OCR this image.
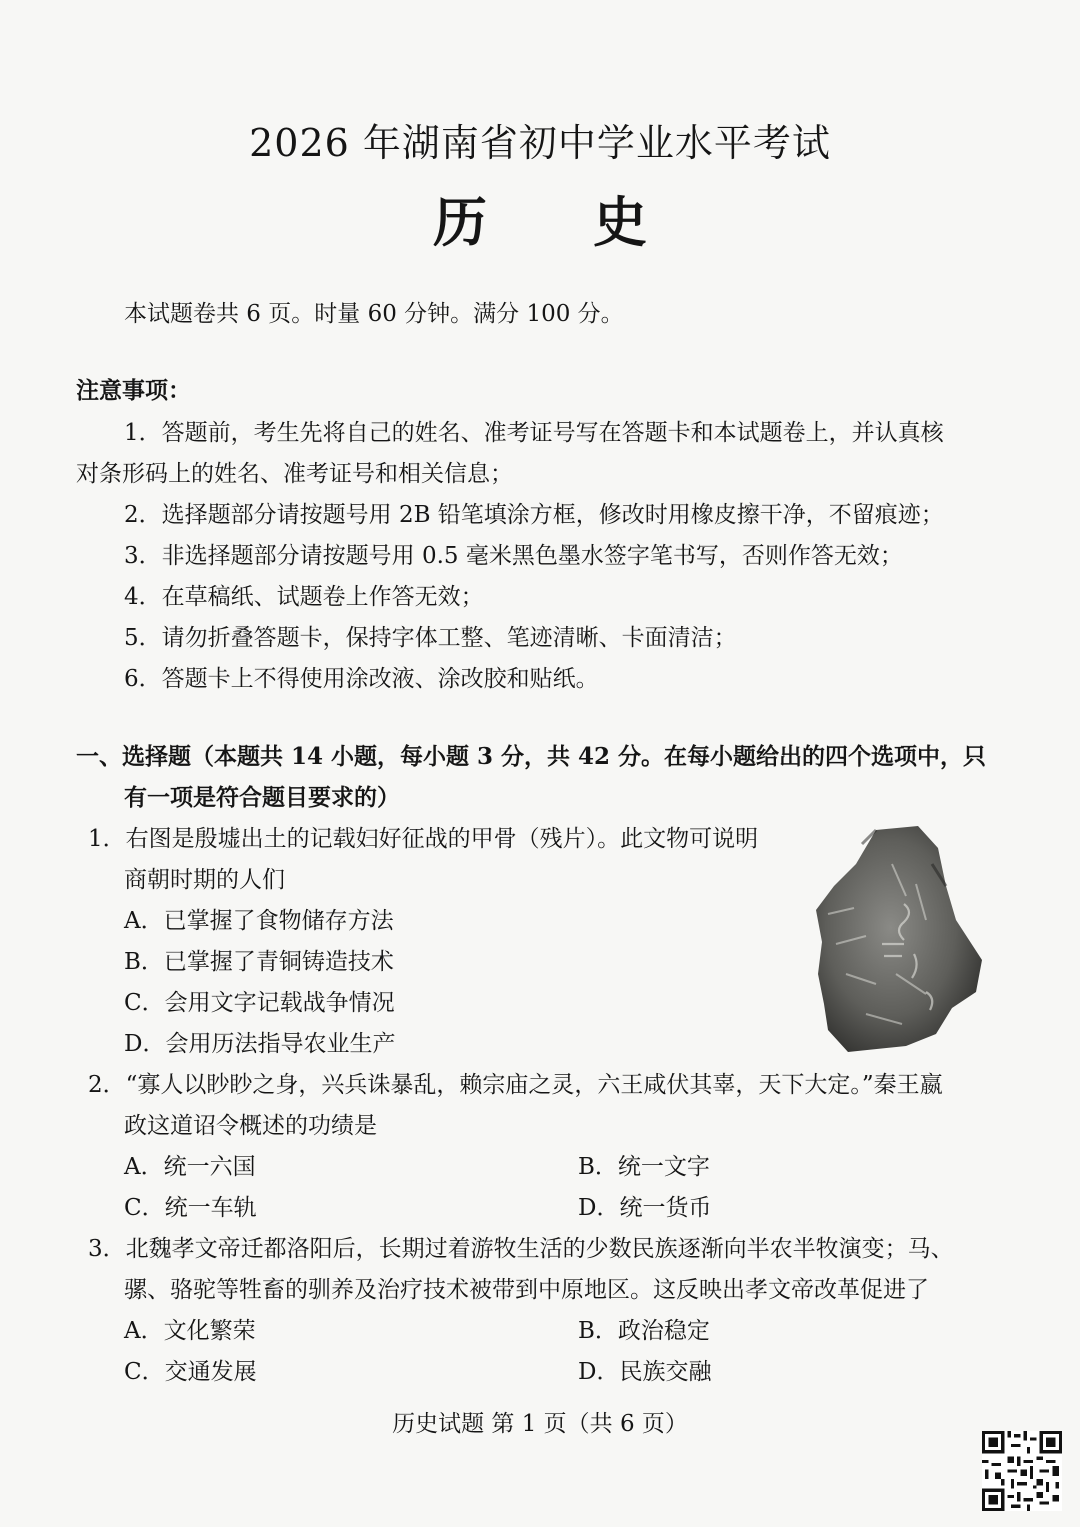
2026 年湖南省初中学业水平考试
历史
本试题卷共 6 页。时量 60 分钟。满分 100 分。
注意事项：
1．答题前，考生先将自己的姓名、准考证号写在答题卡和本试题卷上，并认真核
对条形码上的姓名、准考证号和相关信息；
2．选择题部分请按题号用 2B 铅笔填涂方框，修改时用橡皮擦干净，不留痕迹；
3．非选择题部分请按题号用 0.5 毫米黑色墨水签字笔书写，否则作答无效；
4．在草稿纸、试题卷上作答无效；
5．请勿折叠答题卡，保持字体工整、笔迹清晰、卡面清洁；
6．答题卡上不得使用涂改液、涂改胶和贴纸。
一、选择题（本题共 14 小题，每小题 3 分，共 42 分。在每小题给出的四个选项中，只
有一项是符合题目要求的）
1．右图是殷墟出土的记载妇好征战的甲骨（残片）。此文物可说明
商朝时期的人们
A．已掌握了食物储存方法
B．已掌握了青铜铸造技术
C．会用文字记载战争情况
D．会用历法指导农业生产
2．“寡人以眇眇之身，兴兵诛暴乱，赖宗庙之灵，六王咸伏其辜，天下大定。”秦王嬴
政这道诏令概述的功绩是
A．统一六国	B．统一文字
C．统一车轨	D．统一货币
3．北魏孝文帝迁都洛阳后，长期过着游牧生活的少数民族逐渐向半农半牧演变；马、
骡、骆驼等牲畜的驯养及治疗技术被带到中原地区。这反映出孝文帝改革促进了
A．文化繁荣	B．政治稳定
C．交通发展	D．民族交融
历史试题 第 1 页（共 6 页）
